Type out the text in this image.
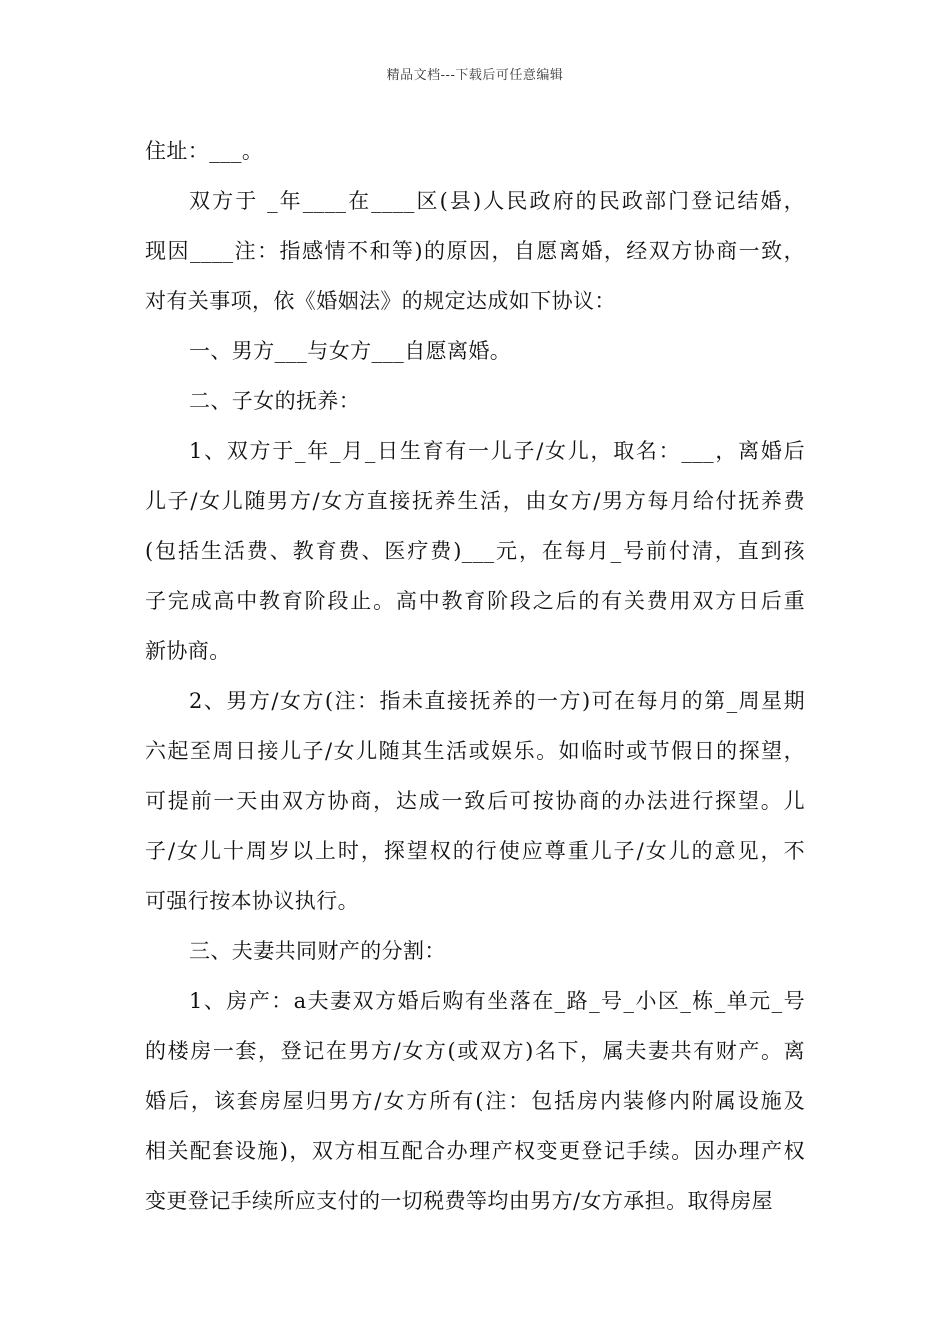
精品文档---下载后可任意编辑
住址：___。
双方于 _年____在____区(县)人民政府的民政部门登记结婚，
现因____注：指感情不和等)的原因，自愿离婚，经双方协商一致，
对有关事项，依《婚姻法》的规定达成如下协议：
一、男方___与女方___自愿离婚。
二、子女的抚养：
1、双方于_年_月_日生育有一儿子/女儿，取名：___，离婚后
儿子/女儿随男方/女方直接抚养生活，由女方/男方每月给付抚养费
(包括生活费、教育费、医疗费)___元，在每月_号前付清，直到孩
子完成高中教育阶段止。高中教育阶段之后的有关费用双方日后重
新协商。
2、男方/女方(注：指未直接抚养的一方)可在每月的第_周星期
六起至周日接儿子/女儿随其生活或娱乐。如临时或节假日的探望，
可提前一天由双方协商，达成一致后可按协商的办法进行探望。儿
子/女儿十周岁以上时，探望权的行使应尊重儿子/女儿的意见，不
可强行按本协议执行。
三、夫妻共同财产的分割：
1、房产：a夫妻双方婚后购有坐落在_路_号_小区_栋_单元_号
的楼房一套，登记在男方/女方(或双方)名下，属夫妻共有财产。离
婚后，该套房屋归男方/女方所有(注：包括房内装修内附属设施及
相关配套设施)，双方相互配合办理产权变更登记手续。因办理产权
变更登记手续所应支付的一切税费等均由男方/女方承担。取得房屋
